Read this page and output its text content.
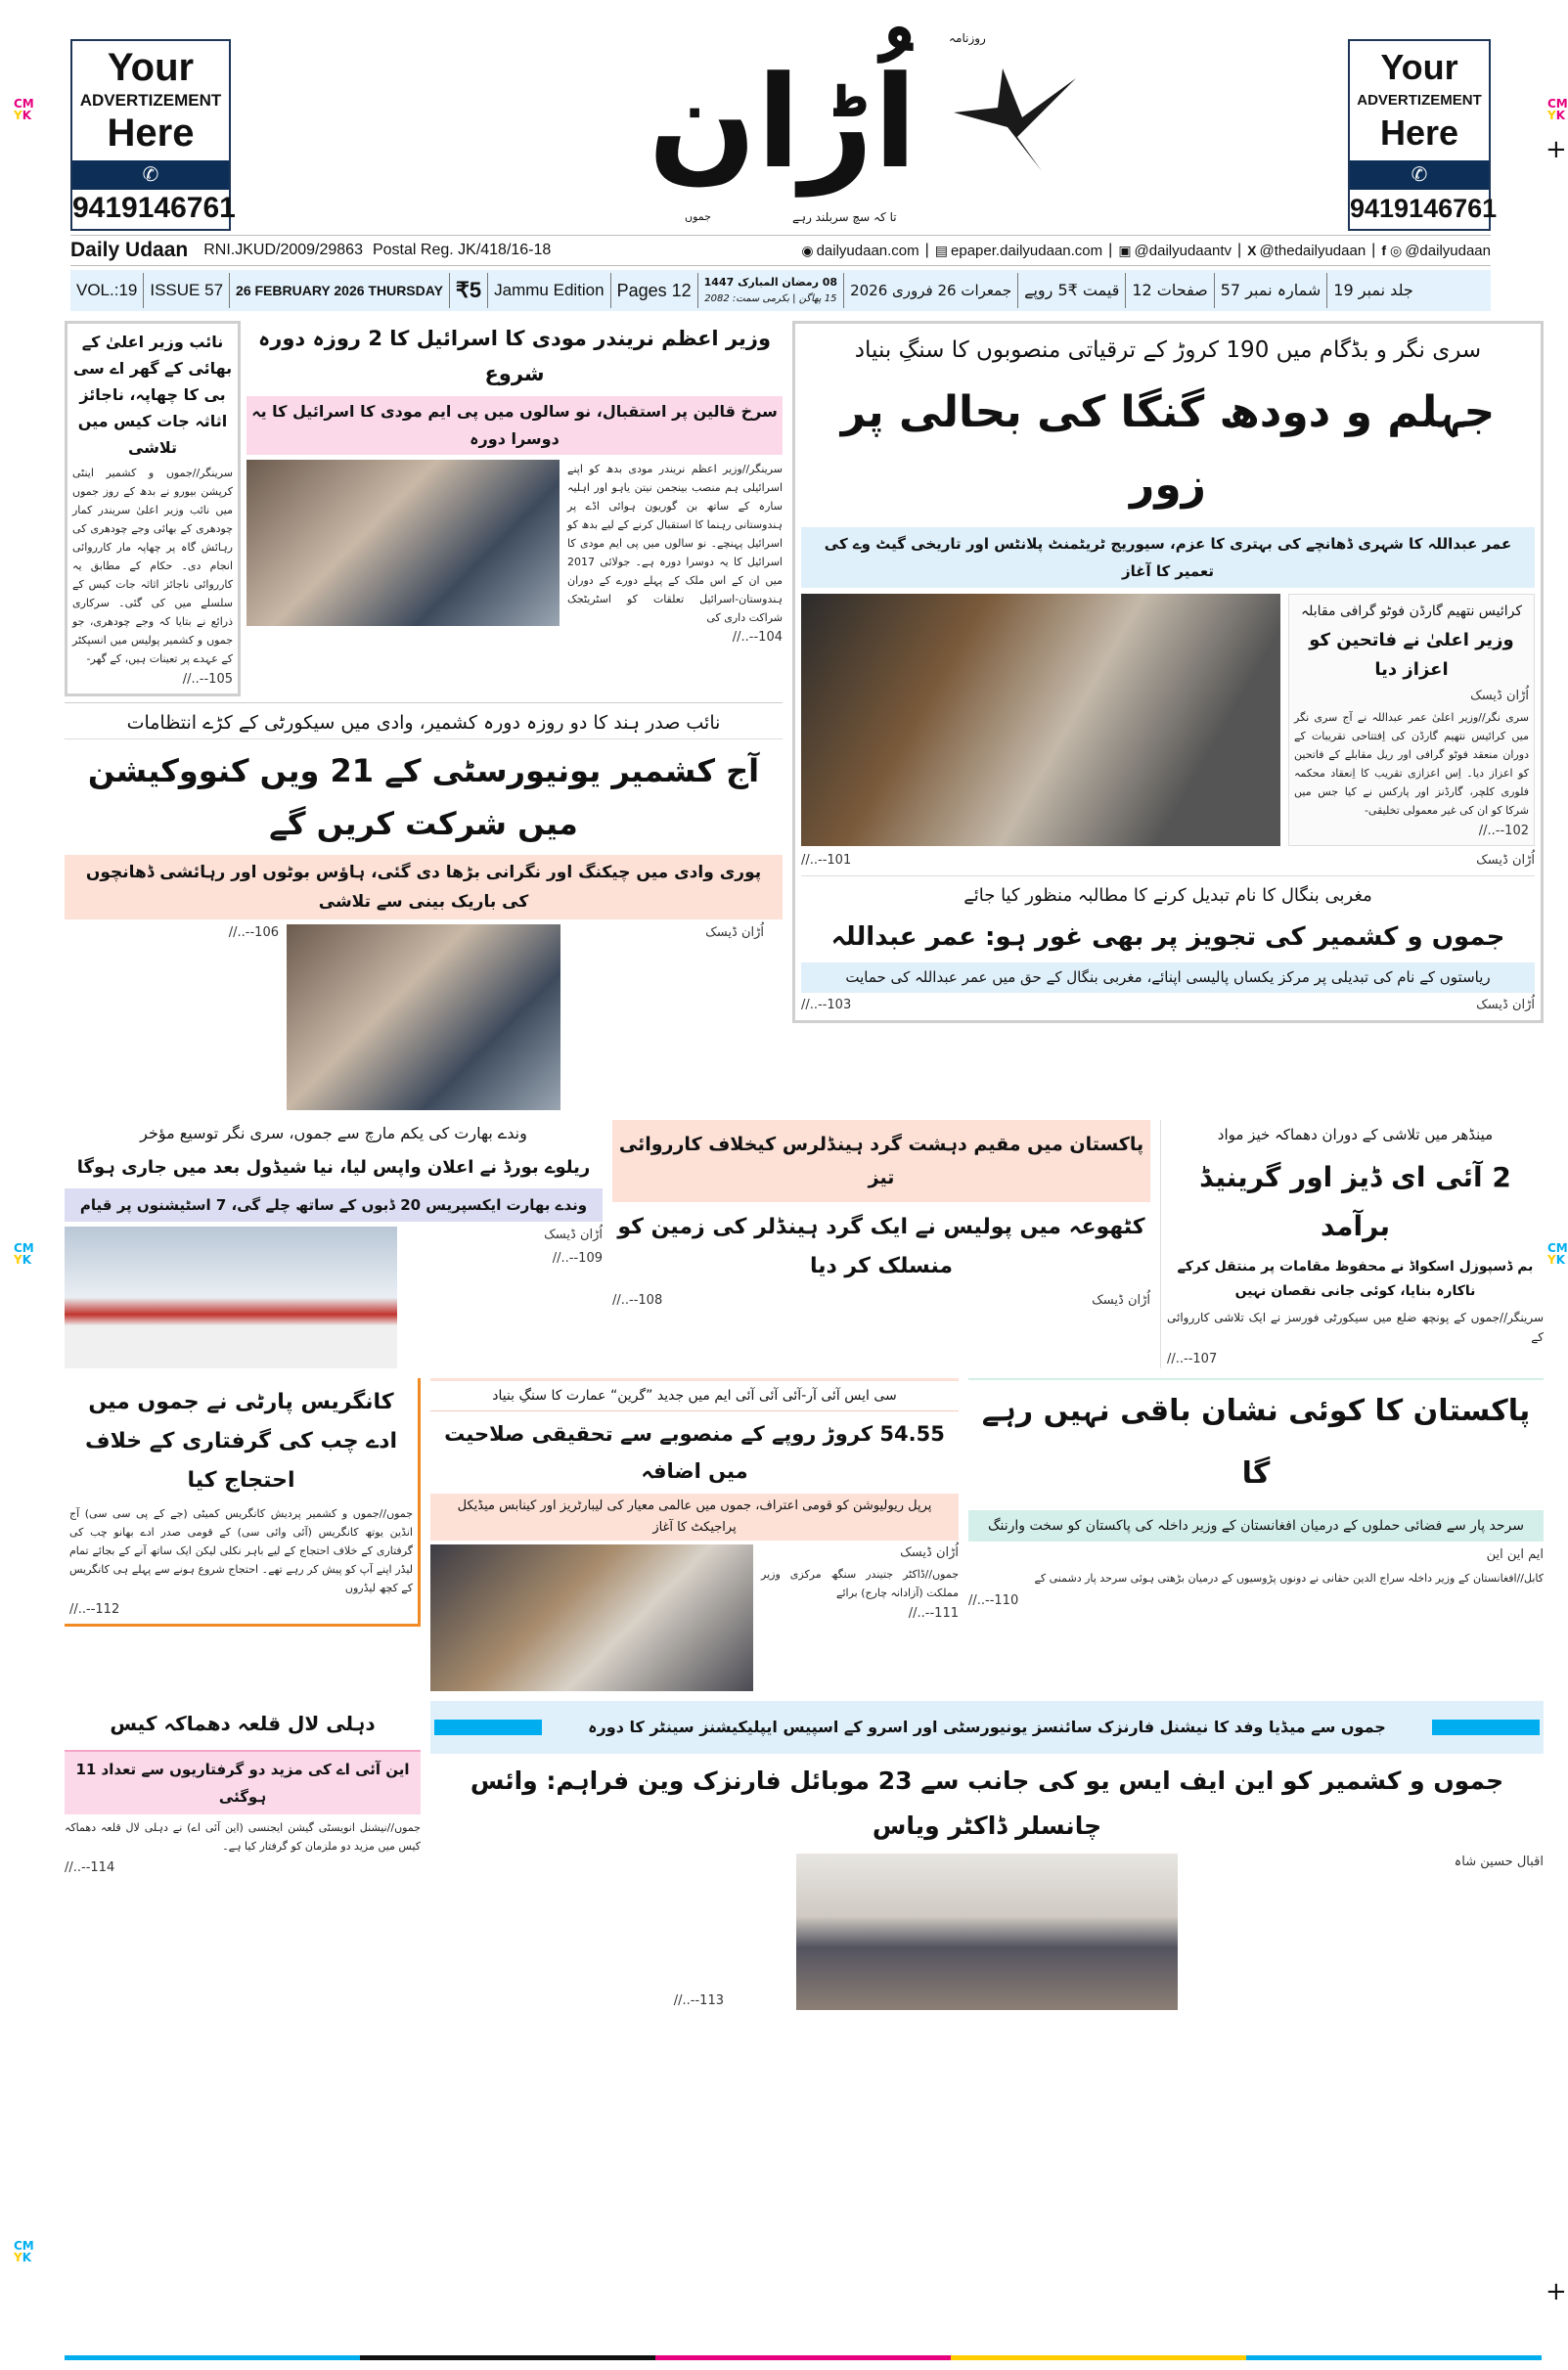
CM
YK
CM
YK
+
CM
YK
CM
YK
CM
YK
+
Your
ADVERTIZEMENT
Here
✆
9419146761
Your
ADVERTIZEMENT
Here
✆
9419146761
اُڑان
روزنامہ
تا کہ سچ سربلند رہے
جموں
Daily Udaan RNI.JKUD/2009/29863 Postal Reg. JK/418/16-18	◉ dailyudaan.com | ▤ epaper.dailyudaan.com | ▣ @dailyudaantv | X @thedailyudaan | f ◎ @dailyudaan
VOL.:19 ISSUE 57 26 FEBRUARY 2026 THURSDAY ₹5 Jammu Edition Pages 12	08 رمضان المبارک 1447
15 پھاگن | بکرمی سمت: 2082 جمعرات 26 فروری 2026 قیمت ₹5 روپے صفحات 12 شمارہ نمبر 57 جلد نمبر 19
نائب وزیر اعلیٰ کے بھائی کے گھر اے سی بی کا چھاپہ، ناجائز اثاثہ جات کیس میں تلاشی
سرینگر//جموں و کشمیر اینٹی کرپشن بیورو نے بدھ کے روز جموں میں نائب وزیر اعلیٰ سریندر کمار چودھری کے بھائی وجے چودھری کی رہائش گاہ پر چھاپہ مار کارروائی انجام دی۔ حکام کے مطابق یہ کارروائی ناجائز اثاثہ جات کیس کے سلسلے میں کی گئی۔ سرکاری ذرائع نے بتایا کہ وجے چودھری، جو جموں و کشمیر پولیس میں انسپکٹر کے عہدے پر تعینات ہیں، کے گھر-
105--..//
وزیر اعظم نریندر مودی کا اسرائیل کا 2 روزہ دورہ شروع
سرخ قالین پر استقبال، نو سالوں میں پی ایم مودی کا اسرائیل کا یہ دوسرا دورہ
سرینگر//وزیر اعظم نریندر مودی بدھ کو اپنے اسرائیلی ہم منصب بینجمن نیتن یاہو اور اہلیہ سارہ کے ساتھ بن گوریون ہوائی اڈے پر ہندوستانی رہنما کا استقبال کرنے کے لیے بدھ کو اسرائیل پہنچے۔ نو سالوں میں پی ایم مودی کا اسرائیل کا یہ دوسرا دورہ ہے۔ جولائی 2017 میں ان کے اس ملک کے پہلے دورے کے دوران ہندوستان-اسرائیل تعلقات کو اسٹریٹجک شراکت داری کی
104--..//
نائب صدر ہند کا دو روزہ دورہ کشمیر، وادی میں سیکورٹی کے کڑے انتظامات
آج کشمیر یونیورسٹی کے 21 ویں کنووکیشن میں شرکت کریں گے
پوری وادی میں چیکنگ اور نگرانی بڑھا دی گئی، ہاؤس بوٹوں اور رہائشی ڈھانچوں کی باریک بینی سے تلاشی
106--..//	اُڑان ڈیسک
سری نگر و بڈگام میں 190 کروڑ کے ترقیاتی منصوبوں کا سنگِ بنیاد
جہلم و دودھ گنگا کی بحالی پر زور
عمر عبداللہ کا شہری ڈھانچے کی بہتری کا عزم، سیوریج ٹریٹمنٹ پلانٹس اور تاریخی گیٹ وے کی تعمیر کا آغاز
کرائیس نتھیم گارڈن فوٹو گرافی مقابلہ
وزیر اعلیٰ نے فاتحین کو اعزاز دیا
اُڑان ڈیسک
سری نگر//وزیر اعلیٰ عمر عبداللہ نے آج سری نگر میں کرائیس نتھیم گارڈن کی اِفتتاحی تقریبات کے دوران منعقد فوٹو گرافی اور ریل مقابلے کے فاتحین کو اعزاز دیا۔ اِس اعزازی تقریب کا اِنعقاد محکمہ فلوری کلچر، گارڈنز اور پارکس نے کیا جس میں شرکا کو ان کی غیر معمولی تخلیقی-
102--..//
101--..//	اُڑان ڈیسک
مغربی بنگال کا نام تبدیل کرنے کا مطالبہ منظور کیا جائے
جموں و کشمیر کی تجویز پر بھی غور ہو: عمر عبداللہ
ریاستوں کے نام کی تبدیلی پر مرکز یکساں پالیسی اپنائے، مغربی بنگال کے حق میں عمر عبداللہ کی حمایت
103--..//	اُڑان ڈیسک
وندے بھارت کی یکم مارچ سے جموں، سری نگر توسیع مؤخر
ریلوے بورڈ نے اعلان واپس لیا، نیا شیڈول بعد میں جاری ہوگا
وندے بھارت ایکسپریس 20 ڈبوں کے ساتھ چلے گی، 7 اسٹیشنوں پر قیام
اُڑان ڈیسک
109--..//
پاکستان میں مقیم دہشت گرد ہینڈلرس کیخلاف کارروائی تیز
کٹھوعہ میں پولیس نے ایک گرد ہینڈلر کی زمین کو منسلک کر دیا
108--..//	اُڑان ڈیسک
مینڈھر میں تلاشی کے دوران دھماکہ خیز مواد
2 آئی ای ڈیز اور گرینیڈ برآمد
بم ڈسپوزل اسکواڈ نے محفوظ مقامات پر منتقل کرکے ناکارہ بنایا، کوئی جانی نقصان نہیں
سرینگر//جموں کے پونچھ ضلع میں سیکورٹی فورسز نے ایک تلاشی کارروائی کے
107--..//
کانگریس پارٹی نے جموں میں ادے چب کی گرفتاری کے خلاف احتجاج کیا
جموں//جموں و کشمیر پردیش کانگریس کمیٹی (جے کے پی سی سی) آج انڈین یوتھ کانگریس (آئی وائی سی) کے قومی صدر ادے بھانو چب کی گرفتاری کے خلاف احتجاج کے لیے باہر نکلی لیکن ایک ساتھ آنے کے بجائے تمام لیڈر اپنے آپ کو پیش کر رہے تھے۔ احتجاج شروع ہونے سے پہلے ہی کانگریس کے کچھ لیڈروں
112--..//
سی ایس آئی آر-آئی آئی آئی ایم میں جدید ”گرین“ عمارت کا سنگِ بنیاد
54.55 کروڑ روپے کے منصوبے سے تحقیقی صلاحیت میں اضافہ
پرپل ریولیوشن کو قومی اعتراف، جموں میں عالمی معیار کی لیبارٹریز اور کینابس میڈیکل پراجیکٹ کا آغاز
اُڑان ڈیسک
جموں//ڈاکٹر جتیندر سنگھ مرکزی وزیر مملکت (آزادانہ چارج) برائے
111--..//
پاکستان کا کوئی نشان باقی نہیں رہے گا
سرحد پار سے فضائی حملوں کے درمیان افغانستان کے وزیر داخلہ کی پاکستان کو سخت وارننگ
ایم این این
کابل//افغانستان کے وزیر داخلہ سراج الدین حقانی نے دونوں پڑوسیوں کے درمیان بڑھتی ہوئی سرحد پار دشمنی کے
110--..//
دہلی لال قلعہ دھماکہ کیس
این آئی اے کی مزید دو گرفتاریوں سے تعداد 11 ہوگئی
جموں//نیشنل انویسٹی گیشن ایجنسی (این آئی اے) نے دہلی لال قلعہ دھماکہ کیس میں مزید دو ملزمان کو گرفتار کیا ہے۔
114--..//
جموں سے میڈیا وفد کا نیشنل فارنزک سائنسز یونیورسٹی اور اسرو کے اسپیس ایپلیکیشنز سینٹر کا دورہ
جموں و کشمیر کو این ایف ایس یو کی جانب سے 23 موبائل فارنزک وین فراہم: وائس چانسلر ڈاکٹر ویاس
113--..//
اقبال حسین شاہ
